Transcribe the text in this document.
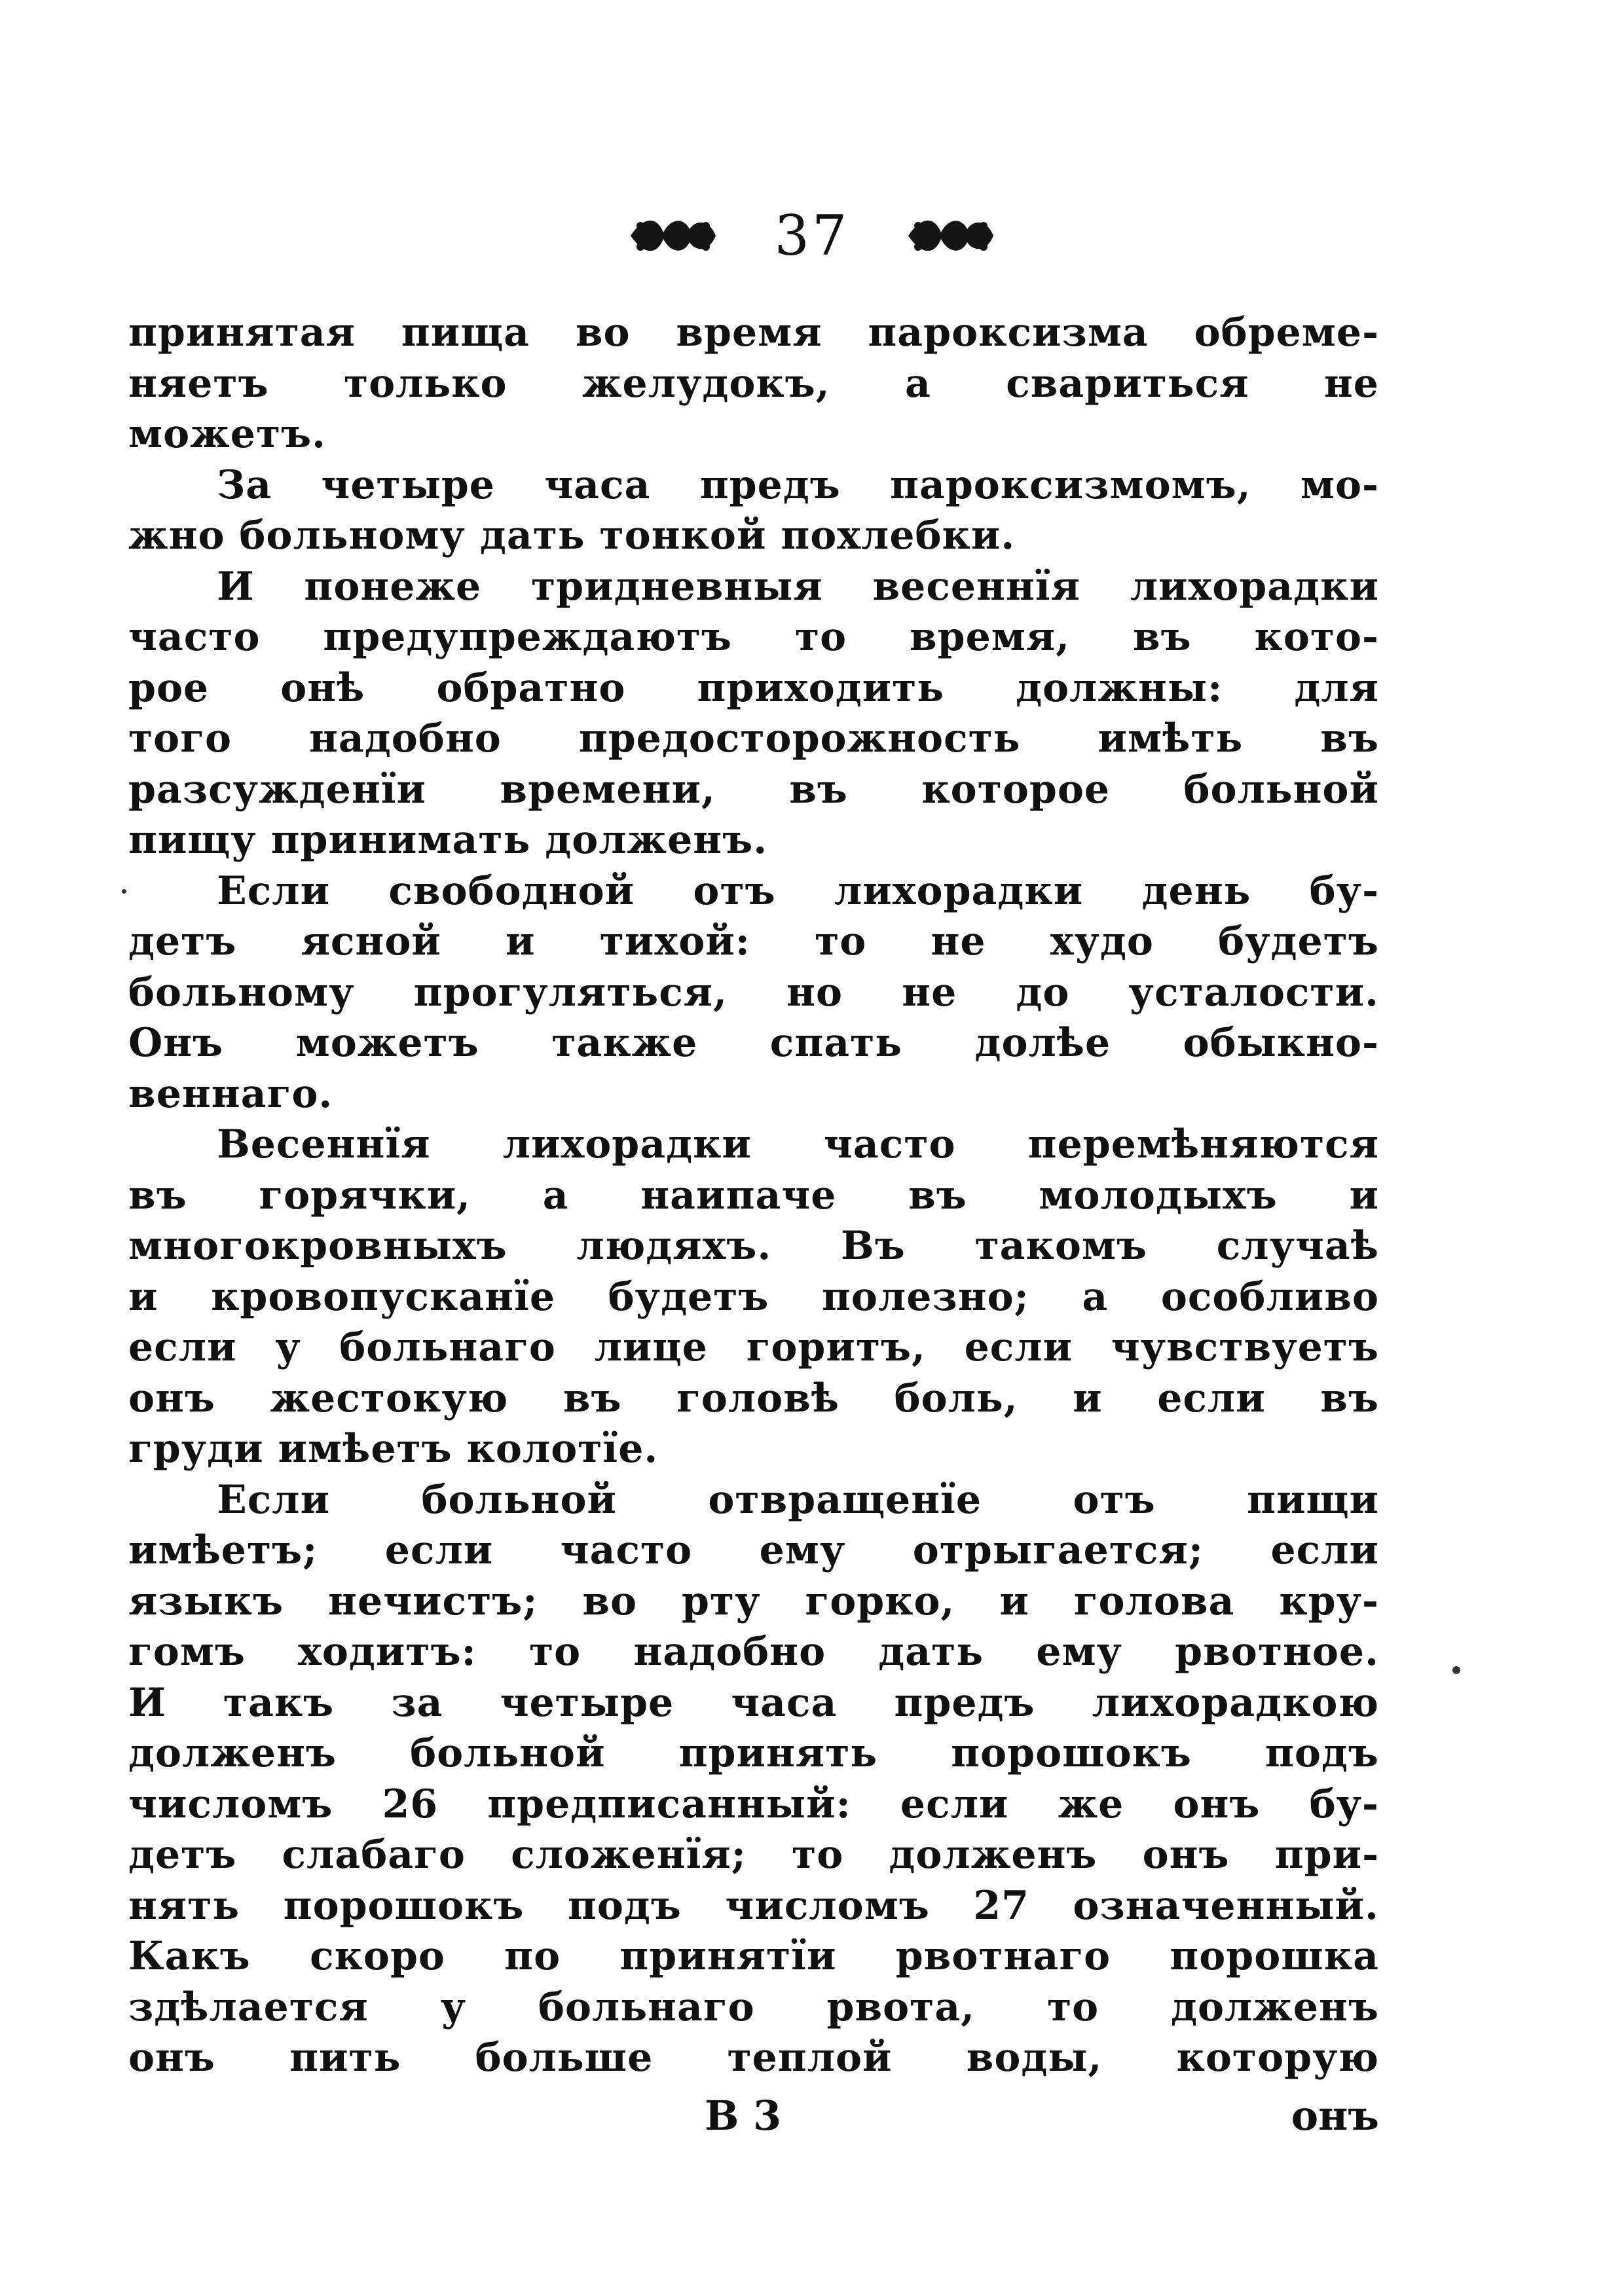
37
принятая пища во время пароксизма обреме-
няетъ только желудокъ, а свариться не
можетъ.
За четыре часа предъ пароксизмомъ, мо-
жно больному дать тонкой похлебки.
И понеже тридневныя весеннїя лихорадки
часто предупреждаютъ то время, въ кото-
рое онѣ обратно приходить должны: для
того надобно предосторожность имѣть въ
разсужденїи времени, въ которое больной
пищу принимать долженъ.
Если свободной отъ лихорадки день бу-
детъ ясной и тихой: то не худо будетъ
больному прогуляться, но не до усталости.
Онъ можетъ также спать долѣе обыкно-
веннаго.
Весеннїя лихорадки часто перемѣняются
въ горячки, а наипаче въ молодыхъ и
многокровныхъ людяхъ. Въ такомъ случаѣ
и кровопусканїе будетъ полезно; а особливо
если у больнаго лице горитъ, если чувствуетъ
онъ жестокую въ головѣ боль, и если въ
груди имѣетъ колотїе.
Если больной отвращенїе отъ пищи
имѣетъ; если часто ему отрыгается; если
языкъ нечистъ; во рту горко, и голова кру-
гомъ ходитъ: то надобно дать ему рвотное.
И такъ за четыре часа предъ лихорадкою
долженъ больной принять порошокъ подъ
числомъ 26 предписанный: если же онъ бу-
детъ слабаго сложенїя; то долженъ онъ при-
нять порошокъ подъ числомъ 27 означенный.
Какъ скоро по принятїи рвотнаго порошка
здѣлается у больнаго рвота, то долженъ
онъ пить больше теплой воды, которую
В 3	онъ
